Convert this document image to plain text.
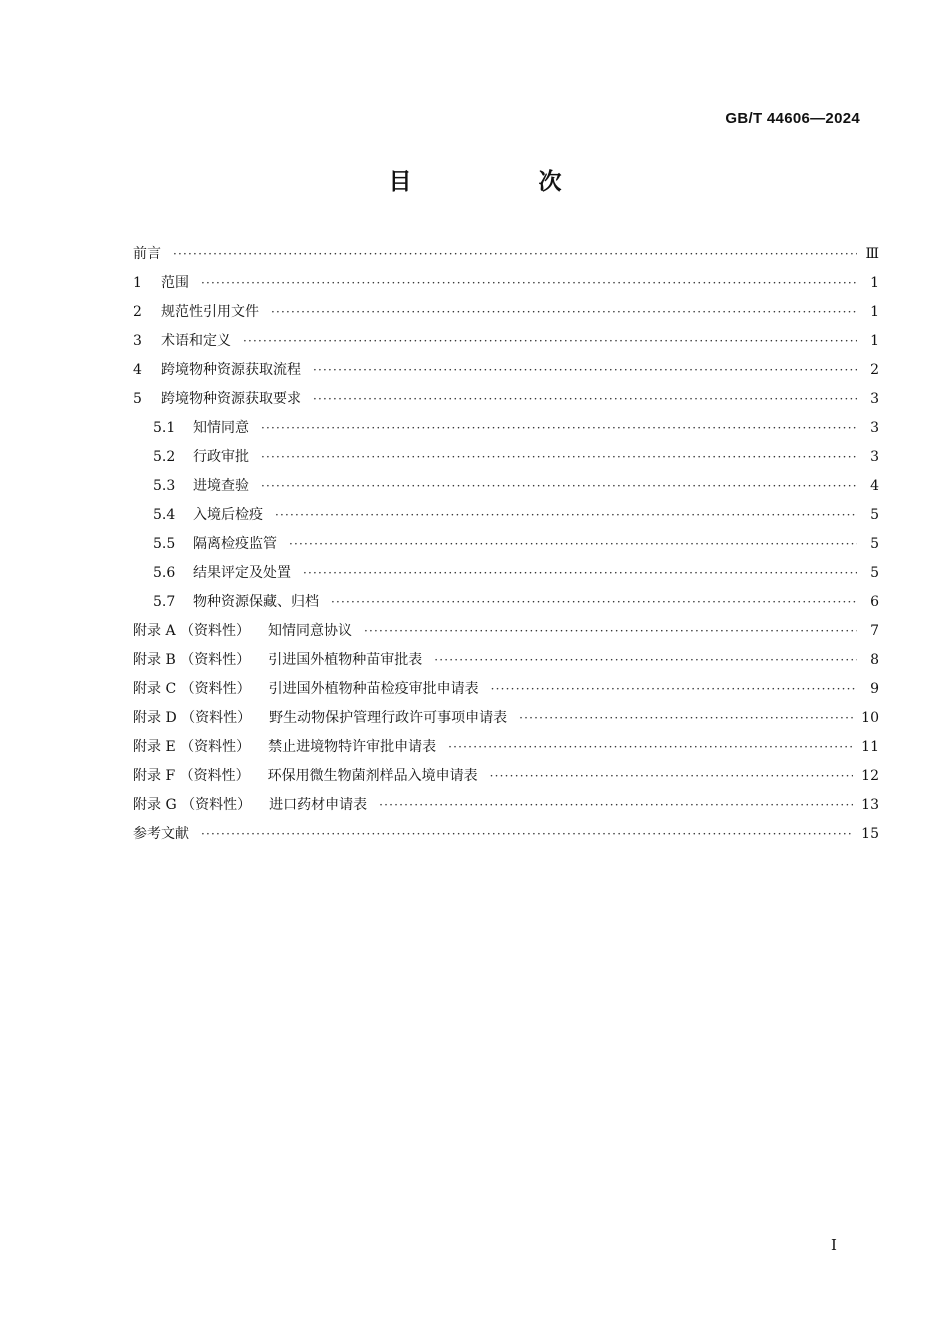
GB/T 44606—2024
目　次
前言 ·····	Ⅲ
1	范围 ·····	1
2	规范性引用文件 ·····	1
3	术语和定义 ·····	1
4	跨境物种资源获取流程 ·····	2
5	跨境物种资源获取要求 ·····	3
5.1	知情同意 ·····	3
5.2	行政审批 ·····	3
5.3	进境查验 ·····	4
5.4	入境后检疫 ·····	5
5.5	隔离检疫监管 ·····	5
5.6	结果评定及处置 ·····	5
5.7	物种资源保藏、归档 ·····	6
附录 A （资料性） 知情同意协议 ·····	7
附录 B （资料性） 引进国外植物种苗审批表 ·····	8
附录 C （资料性） 引进国外植物种苗检疫审批申请表 ·····	9
附录 D （资料性） 野生动物保护管理行政许可事项申请表 ·····	10
附录 E （资料性） 禁止进境物特许审批申请表 ·····	11
附录 F （资料性） 环保用微生物菌剂样品入境申请表 ·····	12
附录 G （资料性） 进口药材申请表 ·····	13
参考文献 ·····	15
Ⅰ
